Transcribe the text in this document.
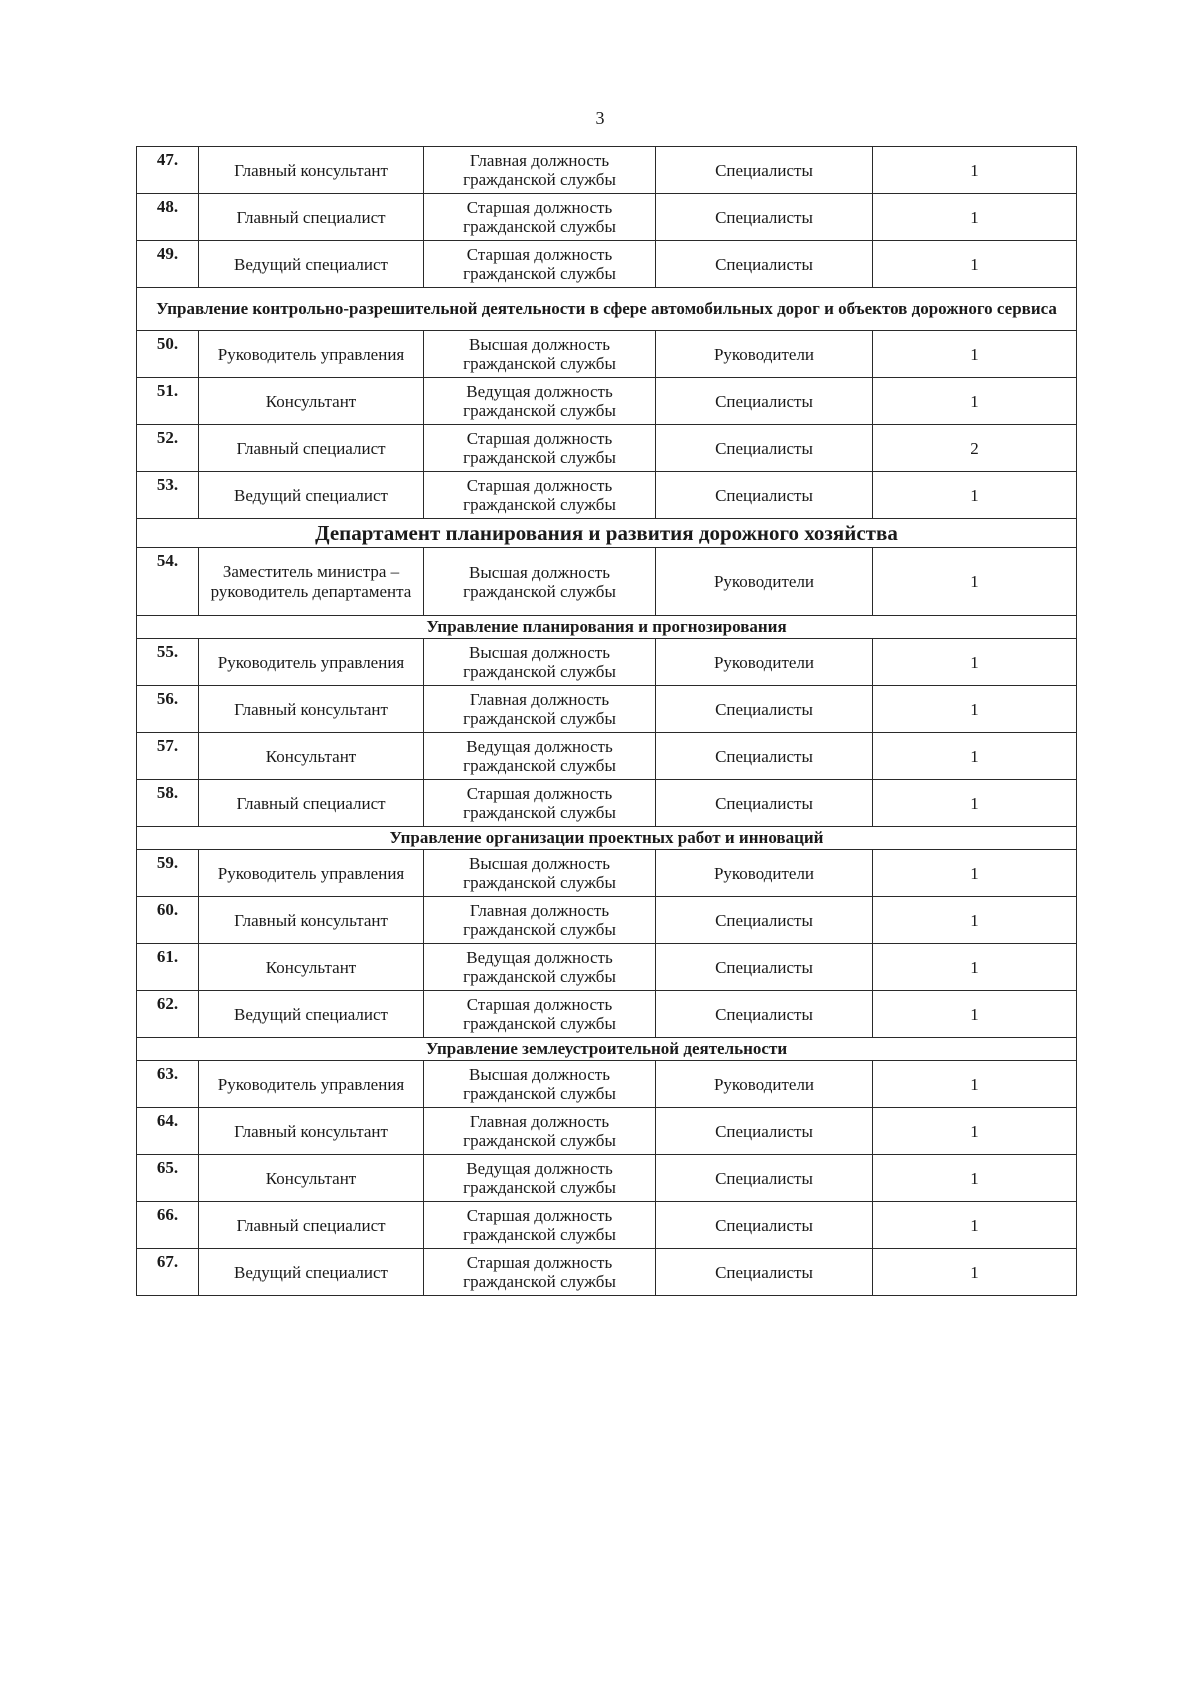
3
47.	Главный консультант	Главная должность гражданской службы	Специалисты	1
48.	Главный специалист	Старшая должность гражданской службы	Специалисты	1
49.	Ведущий специалист	Старшая должность гражданской службы	Специалисты	1
Управление контрольно-разрешительной деятельности в сфере автомобильных дорог и объектов дорожного сервиса				
50.	Руководитель управления	Высшая должность гражданской службы	Руководители	1
51.	Консультант	Ведущая должность гражданской службы	Специалисты	1
52.	Главный специалист	Старшая должность гражданской службы	Специалисты	2
53.	Ведущий специалист	Старшая должность гражданской службы	Специалисты	1
Департамент планирования и развития дорожного хозяйства				
54.	Заместитель министра – руководитель департамента	Высшая должность гражданской службы	Руководители	1
Управление планирования и прогнозирования				
55.	Руководитель управления	Высшая должность гражданской службы	Руководители	1
56.	Главный консультант	Главная должность гражданской службы	Специалисты	1
57.	Консультант	Ведущая должность гражданской службы	Специалисты	1
58.	Главный специалист	Старшая должность гражданской службы	Специалисты	1
Управление организации проектных работ и инноваций				
59.	Руководитель управления	Высшая должность гражданской службы	Руководители	1
60.	Главный консультант	Главная должность гражданской службы	Специалисты	1
61.	Консультант	Ведущая должность гражданской службы	Специалисты	1
62.	Ведущий специалист	Старшая должность гражданской службы	Специалисты	1
Управление землеустроительной деятельности				
63.	Руководитель управления	Высшая должность гражданской службы	Руководители	1
64.	Главный консультант	Главная должность гражданской службы	Специалисты	1
65.	Консультант	Ведущая должность гражданской службы	Специалисты	1
66.	Главный специалист	Старшая должность гражданской службы	Специалисты	1
67.	Ведущий специалист	Старшая должность гражданской службы	Специалисты	1
